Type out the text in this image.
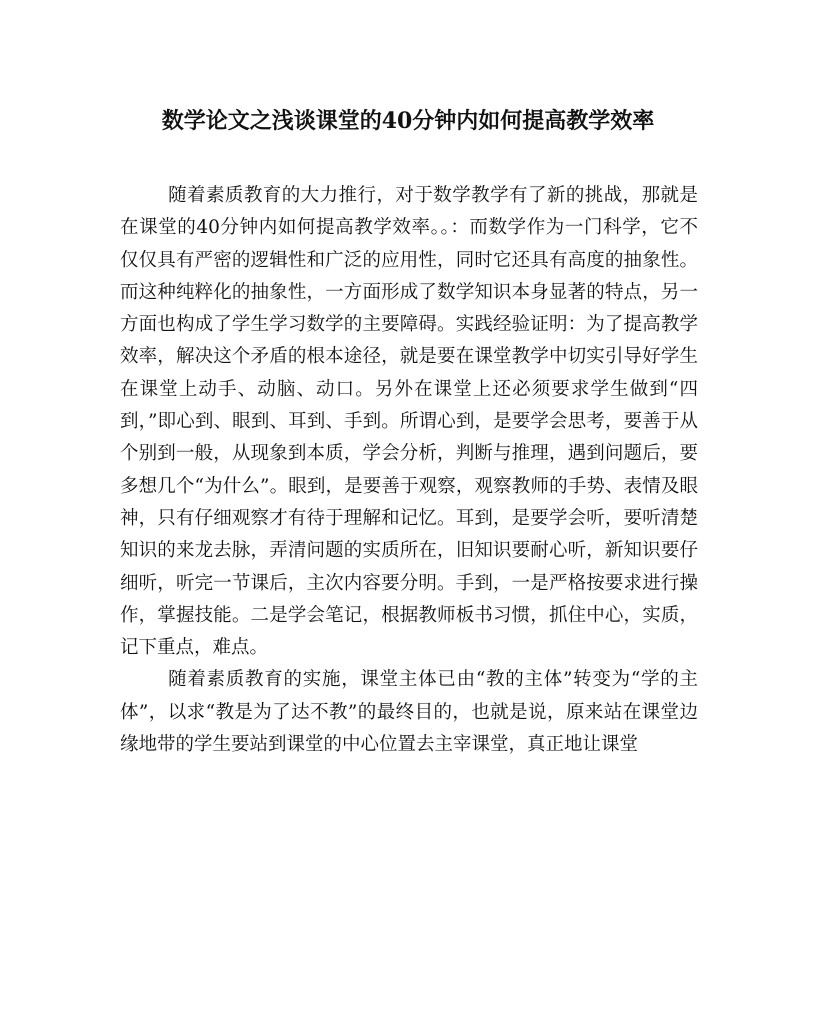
数学论文之浅谈课堂的40分钟内如何提高教学效率

随着素质教育的大力推行，对于数学教学有了新的挑战，那就是在课堂的40分钟内如何提高教学效率。。：而数学作为一门科学，它不仅仅具有严密的逻辑性和广泛的应用性，同时它还具有高度的抽象性。而这种纯粹化的抽象性，一方面形成了数学知识本身显著的特点，另一方面也构成了学生学习数学的主要障碍。实践经验证明：为了提高教学效率，解决这个矛盾的根本途径，就是要在课堂教学中切实引导好学生在课堂上动手、动脑、动口。另外在课堂上还必须要求学生做到“四到，”即心到、眼到、耳到、手到。所谓心到，是要学会思考，要善于从个别到一般，从现象到本质，学会分析，判断与推理，遇到问题后，要多想几个“为什么”。眼到，是要善于观察，观察教师的手势、表情及眼神，只有仔细观察才有待于理解和记忆。耳到，是要学会听，要听清楚知识的来龙去脉，弄清问题的实质所在，旧知识要耐心听，新知识要仔细听，听完一节课后，主次内容要分明。手到，一是严格按要求进行操作，掌握技能。二是学会笔记，根据教师板书习惯，抓住中心，实质，记下重点，难点。

随着素质教育的实施，课堂主体已由“教的主体”转变为“学的主体”，以求“教是为了达不教”的最终目的，也就是说，原来站在课堂边缘地带的学生要站到课堂的中心位置去主宰课堂，真正地让课堂
